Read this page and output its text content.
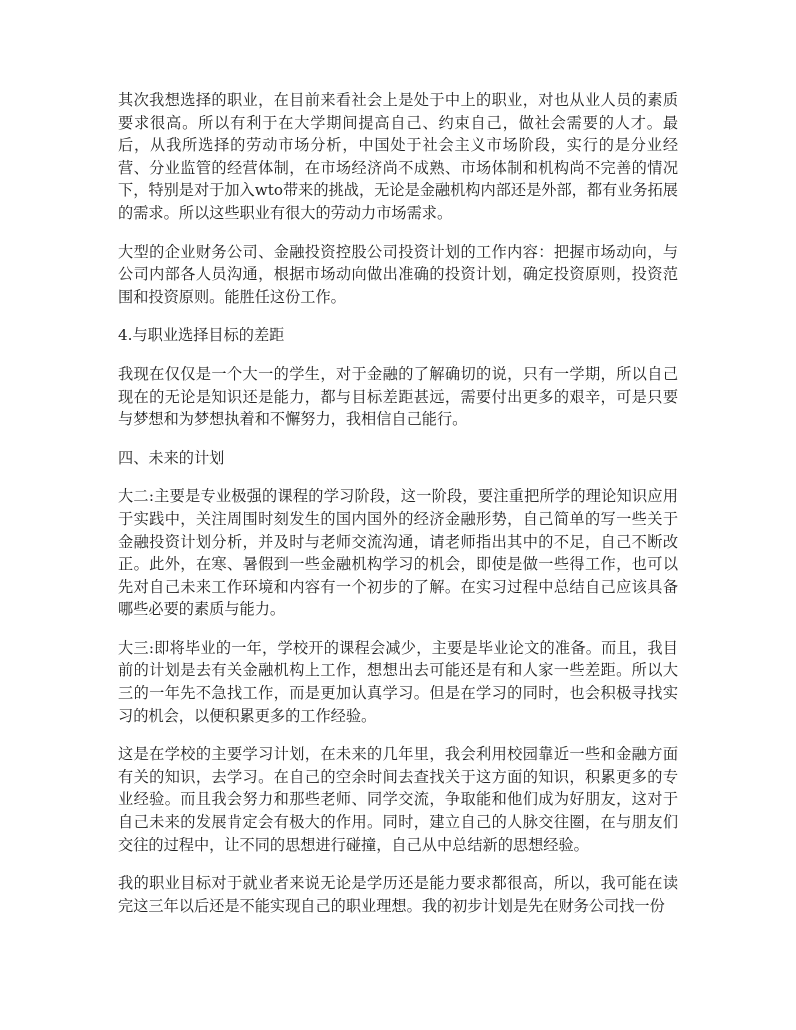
其次我想选择的职业，在目前来看社会上是处于中上的职业，对也从业人员的素质要求很高。所以有利于在大学期间提高自己、约束自己，做社会需要的人才。最后，从我所选择的劳动市场分析，中国处于社会主义市场阶段，实行的是分业经营、分业监管的经营体制，在市场经济尚不成熟、市场体制和机构尚不完善的情况下，特别是对于加入wto带来的挑战，无论是金融机构内部还是外部，都有业务拓展的需求。所以这些职业有很大的劳动力市场需求。

大型的企业财务公司、金融投资控股公司投资计划的工作内容：把握市场动向，与公司内部各人员沟通，根据市场动向做出准确的投资计划，确定投资原则，投资范围和投资原则。能胜任这份工作。

4.与职业选择目标的差距

我现在仅仅是一个大一的学生，对于金融的了解确切的说，只有一学期，所以自己现在的无论是知识还是能力，都与目标差距甚远，需要付出更多的艰辛，可是只要与梦想和为梦想执着和不懈努力，我相信自己能行。

四、未来的计划

大二:主要是专业极强的课程的学习阶段，这一阶段，要注重把所学的理论知识应用于实践中，关注周围时刻发生的国内国外的经济金融形势，自己简单的写一些关于金融投资计划分析，并及时与老师交流沟通，请老师指出其中的不足，自己不断改正。此外，在寒、暑假到一些金融机构学习的机会，即使是做一些得工作，也可以先对自己未来工作环境和内容有一个初步的了解。在实习过程中总结自己应该具备哪些必要的素质与能力。

大三:即将毕业的一年，学校开的课程会减少，主要是毕业论文的准备。而且，我目前的计划是去有关金融机构上工作，想想出去可能还是有和人家一些差距。所以大三的一年先不急找工作，而是更加认真学习。但是在学习的同时，也会积极寻找实习的机会，以便积累更多的工作经验。

这是在学校的主要学习计划，在未来的几年里，我会利用校园靠近一些和金融方面有关的知识，去学习。在自己的空余时间去查找关于这方面的知识，积累更多的专业经验。而且我会努力和那些老师、同学交流，争取能和他们成为好朋友，这对于自己未来的发展肯定会有极大的作用。同时，建立自己的人脉交往圈，在与朋友们交往的过程中，让不同的思想进行碰撞，自己从中总结新的思想经验。

我的职业目标对于就业者来说无论是学历还是能力要求都很高，所以，我可能在读完这三年以后还是不能实现自己的职业理想。我的初步计划是先在财务公司找一份
